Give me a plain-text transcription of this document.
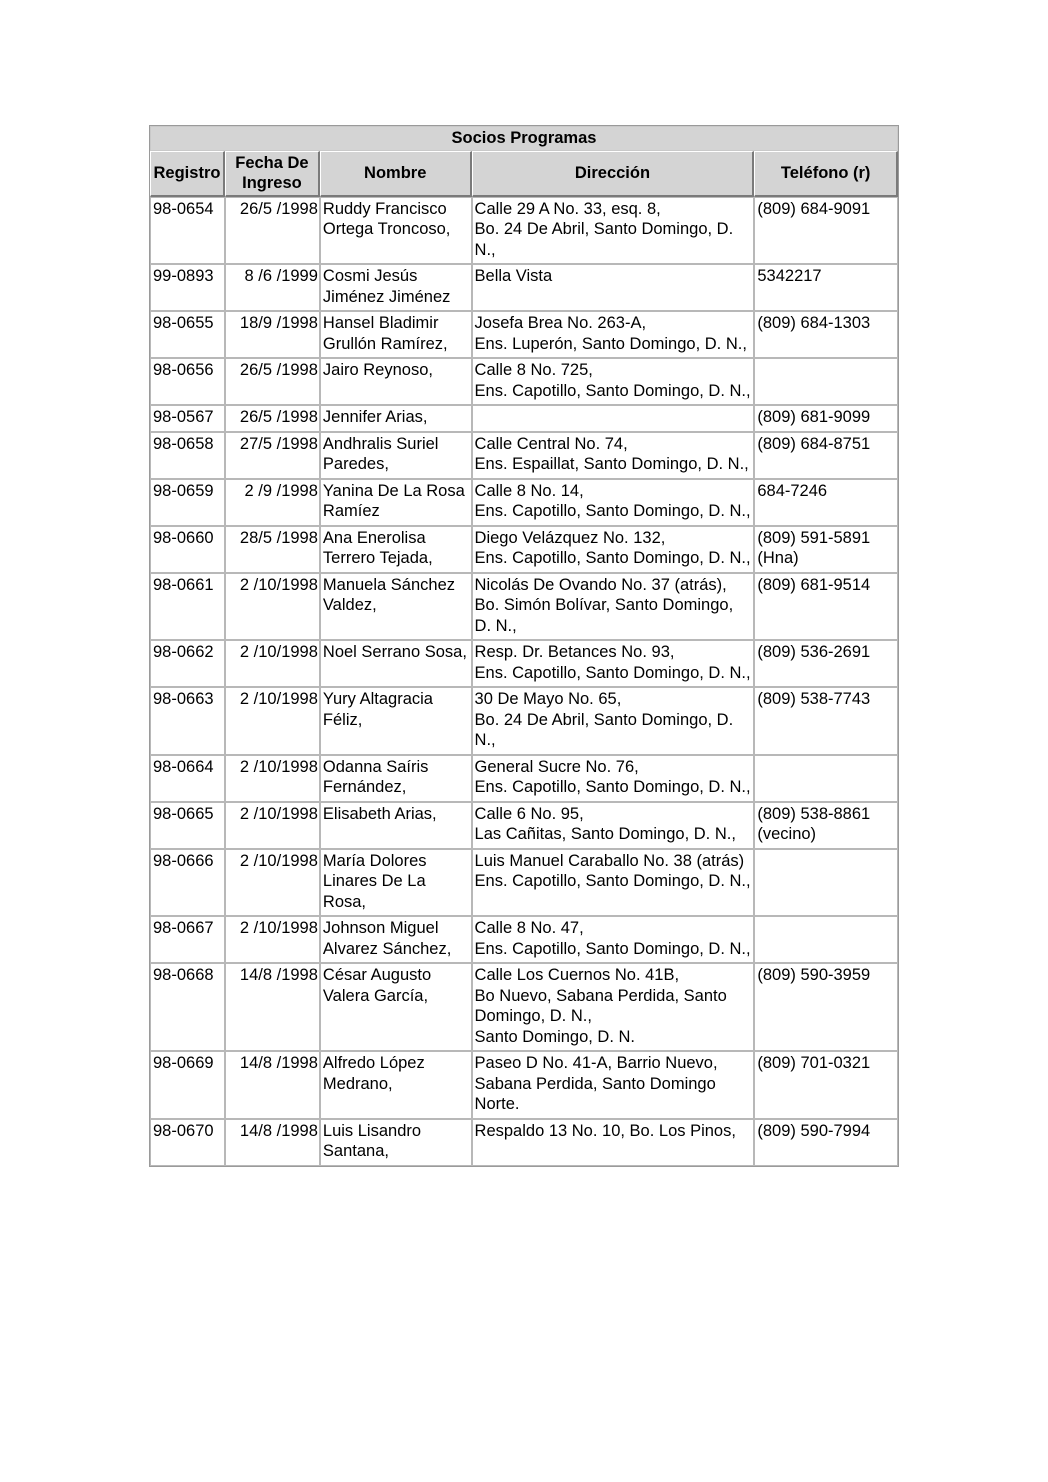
Socios Programas				
Registro	Fecha De Ingreso	Nombre	Dirección	Teléfono (r)
98-0654	26/5 /1998	Ruddy Francisco Ortega Troncoso,	Calle 29 A No. 33, esq. 8,
Bo. 24 De Abril, Santo Domingo, D. N.,	(809) 684-9091
99-0893	8 /6 /1999	Cosmi Jesús Jiménez Jiménez	Bella Vista	5342217
98-0655	18/9 /1998	Hansel Bladimir Grullón Ramírez,	Josefa Brea No. 263-A,
Ens. Luperón, Santo Domingo, D. N.,	(809) 684-1303
98-0656	26/5 /1998	Jairo Reynoso,	Calle 8 No. 725,
Ens. Capotillo, Santo Domingo, D. N.,	
98-0567	26/5 /1998	Jennifer Arias,		(809) 681-9099
98-0658	27/5 /1998	Andhralis Suriel Paredes,	Calle Central No. 74,
Ens. Espaillat, Santo Domingo, D. N.,	(809) 684-8751
98-0659	2 /9 /1998	Yanina De La Rosa Ramíez	Calle 8 No. 14,
Ens. Capotillo, Santo Domingo, D. N.,	684-7246
98-0660	28/5 /1998	Ana Enerolisa Terrero Tejada,	Diego Velázquez No. 132,
Ens. Capotillo, Santo Domingo, D. N.,	(809) 591-5891 (Hna)
98-0661	2 /10/1998	Manuela Sánchez Valdez,	Nicolás De Ovando No. 37 (atrás),
Bo. Simón Bolívar, Santo Domingo, D. N.,	(809) 681-9514
98-0662	2 /10/1998	Noel Serrano Sosa,	Resp. Dr. Betances No. 93,
Ens. Capotillo, Santo Domingo, D. N.,	(809) 536-2691
98-0663	2 /10/1998	Yury Altagracia Féliz,	30 De Mayo No. 65,
Bo. 24 De Abril, Santo Domingo, D. N.,	(809) 538-7743
98-0664	2 /10/1998	Odanna Saíris Fernández,	General Sucre No. 76,
Ens. Capotillo, Santo Domingo, D. N.,	
98-0665	2 /10/1998	Elisabeth Arias,	Calle 6 No. 95,
Las Cañitas, Santo Domingo, D. N.,	(809) 538-8861 (vecino)
98-0666	2 /10/1998	María Dolores Linares De La Rosa,	Luis Manuel Caraballo No. 38 (atrás)
Ens. Capotillo, Santo Domingo, D. N.,	
98-0667	2 /10/1998	Johnson Miguel Alvarez Sánchez,	Calle 8 No. 47,
Ens. Capotillo, Santo Domingo, D. N.,	
98-0668	14/8 /1998	César Augusto Valera García,	Calle Los Cuernos No. 41B,
Bo Nuevo, Sabana Perdida, Santo Domingo, D. N.,
Santo Domingo, D. N.	(809) 590-3959
98-0669	14/8 /1998	Alfredo López Medrano,	Paseo D No. 41-A, Barrio Nuevo, Sabana Perdida, Santo Domingo Norte.	(809) 701-0321
98-0670	14/8 /1998	Luis Lisandro Santana,	Respaldo 13 No. 10, Bo. Los Pinos,	(809) 590-7994
